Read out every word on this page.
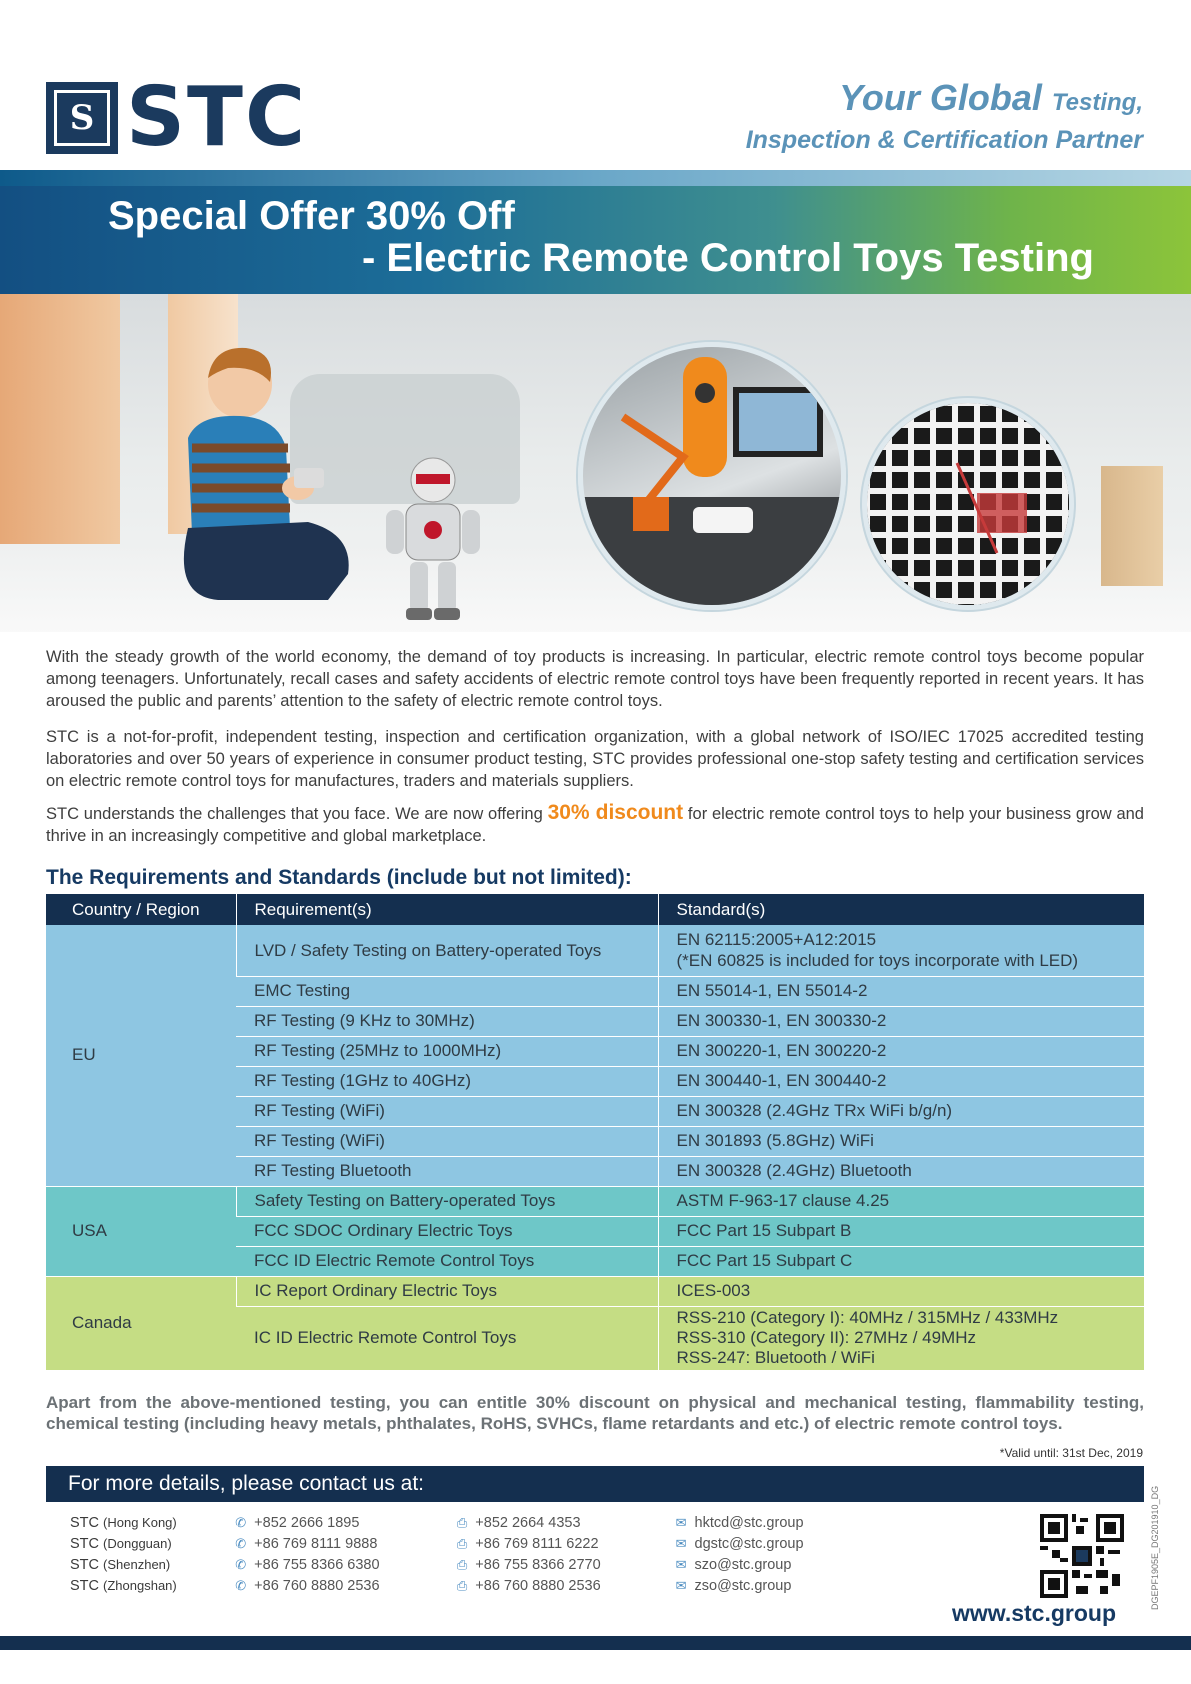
S STC	Your Global Testing,
Inspection & Certification Partner
Special Offer 30% Off
- Electric Remote Control Toys Testing
With the steady growth of the world economy, the demand of toy products is increasing. In particular, electric remote control toys become popular among teenagers. Unfortunately, recall cases and safety accidents of electric remote control toys have been frequently reported in recent years. It has aroused the public and parents’ attention to the safety of electric remote control toys.
STC is a not-for-profit, independent testing, inspection and certification organization, with a global network of ISO/IEC 17025 accredited testing laboratories and over 50 years of experience in consumer product testing, STC provides professional one-stop safety testing and certification services on electric remote control toys for manufactures, traders and materials suppliers.
STC understands the challenges that you face. We are now offering 30% discount for electric remote control toys to help your business grow and thrive in an increasingly competitive and global marketplace.
The Requirements and Standards (include but not limited):
Country / Region	Requirement(s)	Standard(s)
EU	LVD / Safety Testing on Battery-operated Toys	EN 62115:2005+A12:2015
(*EN 60825 is included for toys incorporate with LED)

	EMC Testing	EN 55014-1, EN 55014-2
	RF Testing (9 KHz to 30MHz)	EN 300330-1, EN 300330-2
	RF Testing (25MHz to 1000MHz)	EN 300220-1, EN 300220-2
	RF Testing (1GHz to 40GHz)	EN 300440-1, EN 300440-2
	RF Testing (WiFi)	EN 300328 (2.4GHz TRx WiFi b/g/n)
	RF Testing (WiFi)	EN 301893 (5.8GHz) WiFi
	RF Testing Bluetooth	EN 300328 (2.4GHz) Bluetooth
USA	Safety Testing on Battery-operated Toys	ASTM F-963-17 clause 4.25
	FCC SDOC Ordinary Electric Toys	FCC Part 15 Subpart B
	FCC ID Electric Remote Control Toys	FCC Part 15 Subpart C
Canada	IC Report Ordinary Electric Toys	ICES-003
	IC ID Electric Remote Control Toys	RSS-210 (Category I): 40MHz / 315MHz / 433MHz
RSS-310 (Category II): 27MHz / 49MHz
RSS-247: Bluetooth / WiFi
Apart from the above-mentioned testing, you can entitle 30% discount on physical and mechanical testing, flammability testing, chemical testing (including heavy metals, phthalates, RoHS, SVHCs, flame retardants and etc.) of electric remote control toys.
*Valid until: 31st Dec, 2019
For more details, please contact us at:
STC (Hong Kong)	✆ +852 2666 1895	⎙ +852 2664 4353	✉ hktcd@stc.group
STC (Dongguan)	✆ +86 769 8111 9888	⎙ +86 769 8111 6222	✉ dgstc@stc.group
STC (Shenzhen)	✆ +86 755 8366 6380	⎙ +86 755 8366 2770	✉ szo@stc.group
STC (Zhongshan)	✆ +86 760 8880 2536	⎙ +86 760 8880 2536	✉ zso@stc.group
www.stc.group
DGEPF1905E_DG201910_DG
